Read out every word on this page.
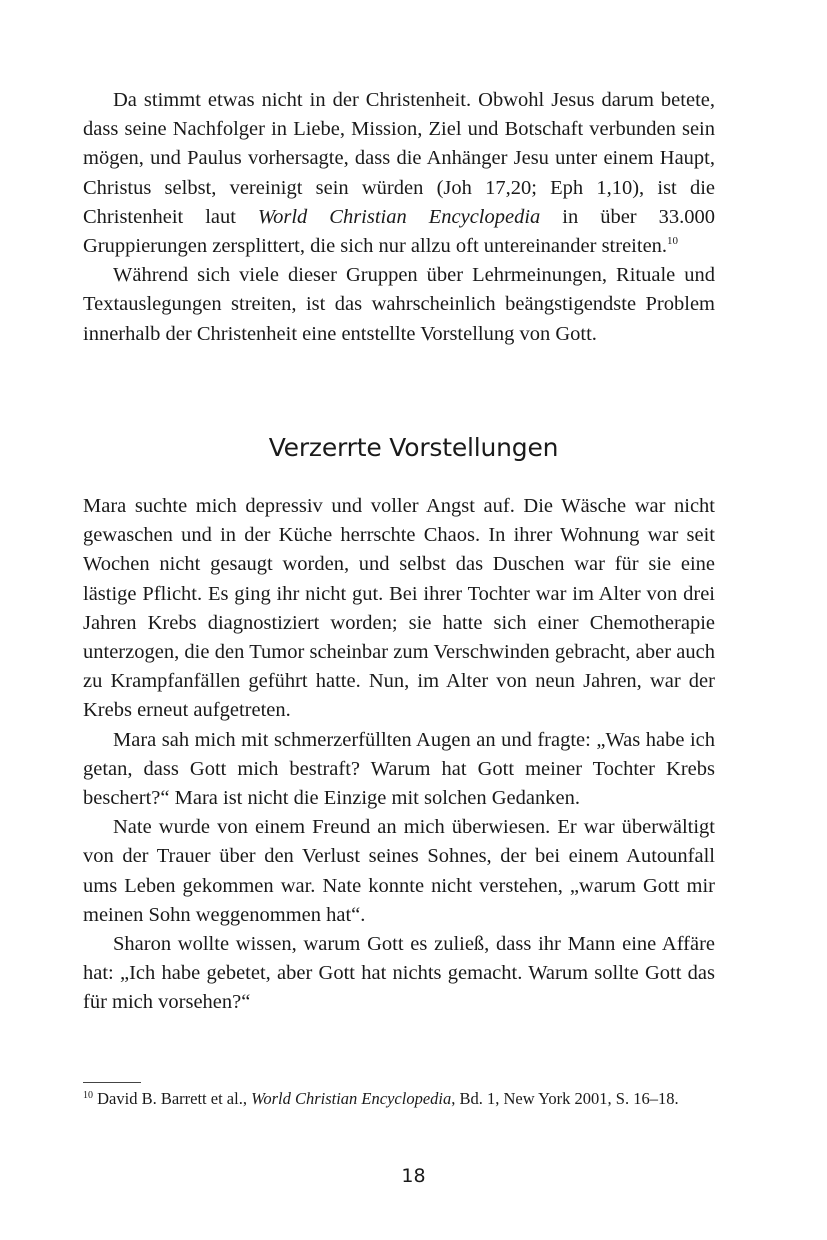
Da stimmt etwas nicht in der Christenheit. Obwohl Jesus darum betete, dass seine Nachfolger in Liebe, Mission, Ziel und Botschaft verbunden sein mögen, und Paulus vorhersagte, dass die Anhänger Jesu unter einem Haupt, Christus selbst, vereinigt sein würden (Joh 17,20; Eph 1,10), ist die Christenheit laut World Christian Encyclopedia in über 33.000 Gruppierungen zersplittert, die sich nur allzu oft untereinander streiten.$^{10}$

Während sich viele dieser Gruppen über Lehrmeinungen, Rituale und Textauslegungen streiten, ist das wahrscheinlich beängstigendste Problem innerhalb der Christenheit eine entstellte Vorstellung von Gott.

Verzerrte Vorstellungen

Mara suchte mich depressiv und voller Angst auf. Die Wäsche war nicht gewaschen und in der Küche herrschte Chaos. In ihrer Wohnung war seit Wochen nicht gesaugt worden, und selbst das Duschen war für sie eine lästige Pflicht. Es ging ihr nicht gut. Bei ihrer Tochter war im Alter von drei Jahren Krebs diagnostiziert worden; sie hatte sich einer Chemotherapie unterzogen, die den Tumor scheinbar zum Verschwinden gebracht, aber auch zu Krampfanfällen geführt hatte. Nun, im Alter von neun Jahren, war der Krebs erneut aufgetreten.

Mara sah mich mit schmerzerfüllten Augen an und fragte: „Was habe ich getan, dass Gott mich bestraft? Warum hat Gott meiner Tochter Krebs beschert?“ Mara ist nicht die Einzige mit solchen Gedanken.

Nate wurde von einem Freund an mich überwiesen. Er war überwältigt von der Trauer über den Verlust seines Sohnes, der bei einem Autounfall ums Leben gekommen war. Nate konnte nicht verstehen, „warum Gott mir meinen Sohn weggenommen hat“.

Sharon wollte wissen, warum Gott es zuließ, dass ihr Mann eine Affäre hat: „Ich habe gebetet, aber Gott hat nichts gemacht. Warum sollte Gott das für mich vorsehen?“

$^{10}$ David B. Barrett et al., World Christian Encyclopedia, Bd. 1, New York 2001, S. 16–18.

18
